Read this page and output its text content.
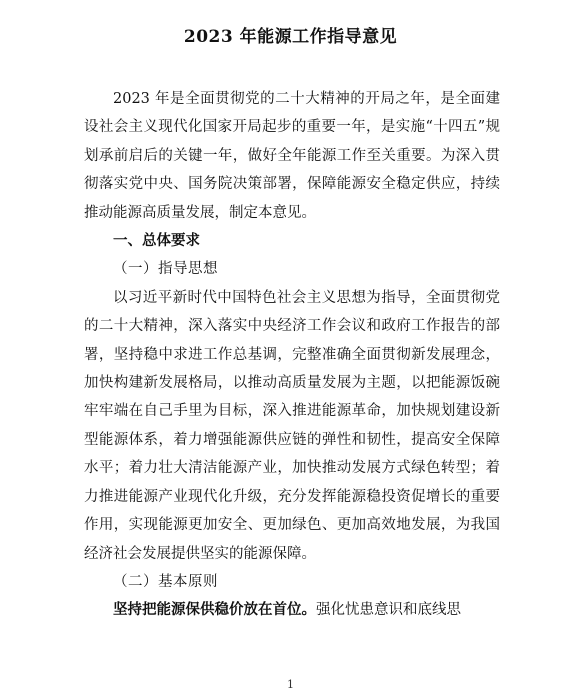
2023 年能源工作指导意见

2023 年是全面贯彻党的二十大精神的开局之年，是全面建设社会主义现代化国家开局起步的重要一年，是实施“十四五”规划承前启后的关键一年，做好全年能源工作至关重要。为深入贯彻落实党中央、国务院决策部署，保障能源安全稳定供应，持续推动能源高质量发展，制定本意见。

一、总体要求

（一）指导思想

以习近平新时代中国特色社会主义思想为指导，全面贯彻党的二十大精神，深入落实中央经济工作会议和政府工作报告的部署，坚持稳中求进工作总基调，完整准确全面贯彻新发展理念，加快构建新发展格局，以推动高质量发展为主题，以把能源饭碗牢牢端在自己手里为目标，深入推进能源革命，加快规划建设新型能源体系，着力增强能源供应链的弹性和韧性，提高安全保障水平；着力壮大清洁能源产业，加快推动发展方式绿色转型；着力推进能源产业现代化升级，充分发挥能源稳投资促增长的重要作用，实现能源更加安全、更加绿色、更加高效地发展，为我国经济社会发展提供坚实的能源保障。

（二）基本原则

坚持把能源保供稳价放在首位。强化忧患意识和底线思

1
